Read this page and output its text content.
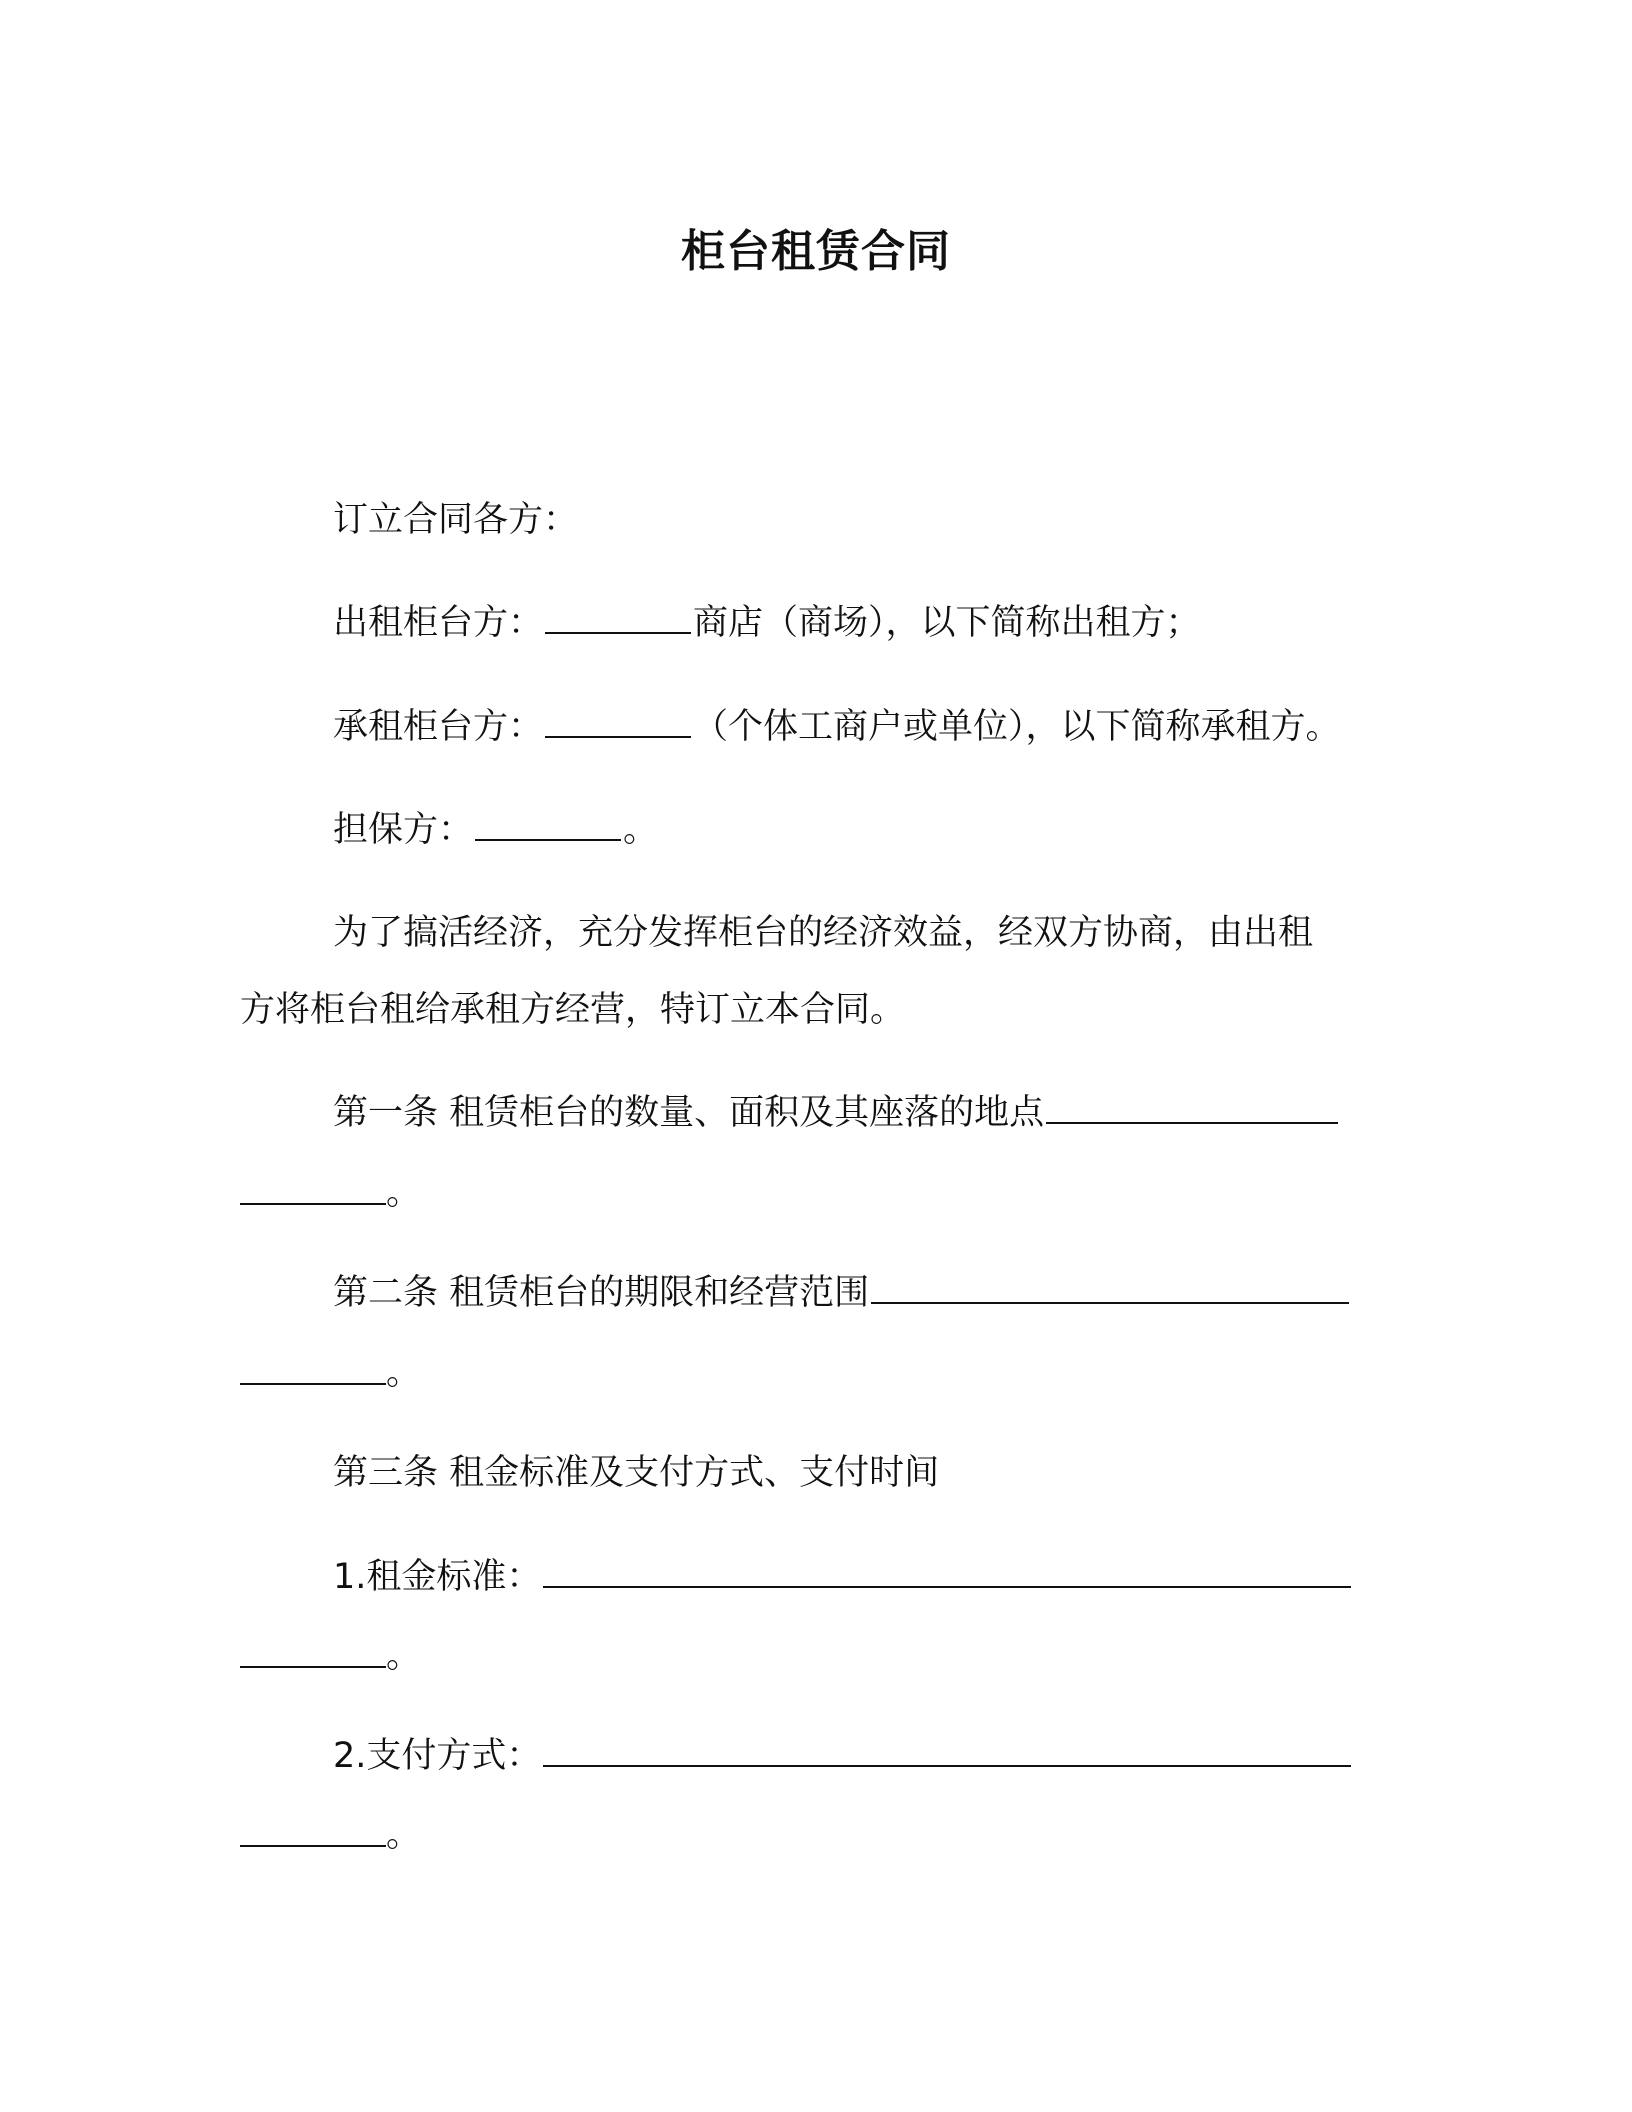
柜台租赁合同
订立合同各方：
出租柜台方：	商店（商场），以下简称出租方；
承租柜台方：	（个体工商户或单位），以下简称承租方。
担保方：	。
为了搞活经济，充分发挥柜台的经济效益，经双方协商，由出租
方将柜台租给承租方经营，特订立本合同。
第一条 租赁柜台的数量、面积及其座落的地点
。
第二条 租赁柜台的期限和经营范围
。
第三条 租金标准及支付方式、支付时间
1.租金标准：
。
2.支付方式：
。
